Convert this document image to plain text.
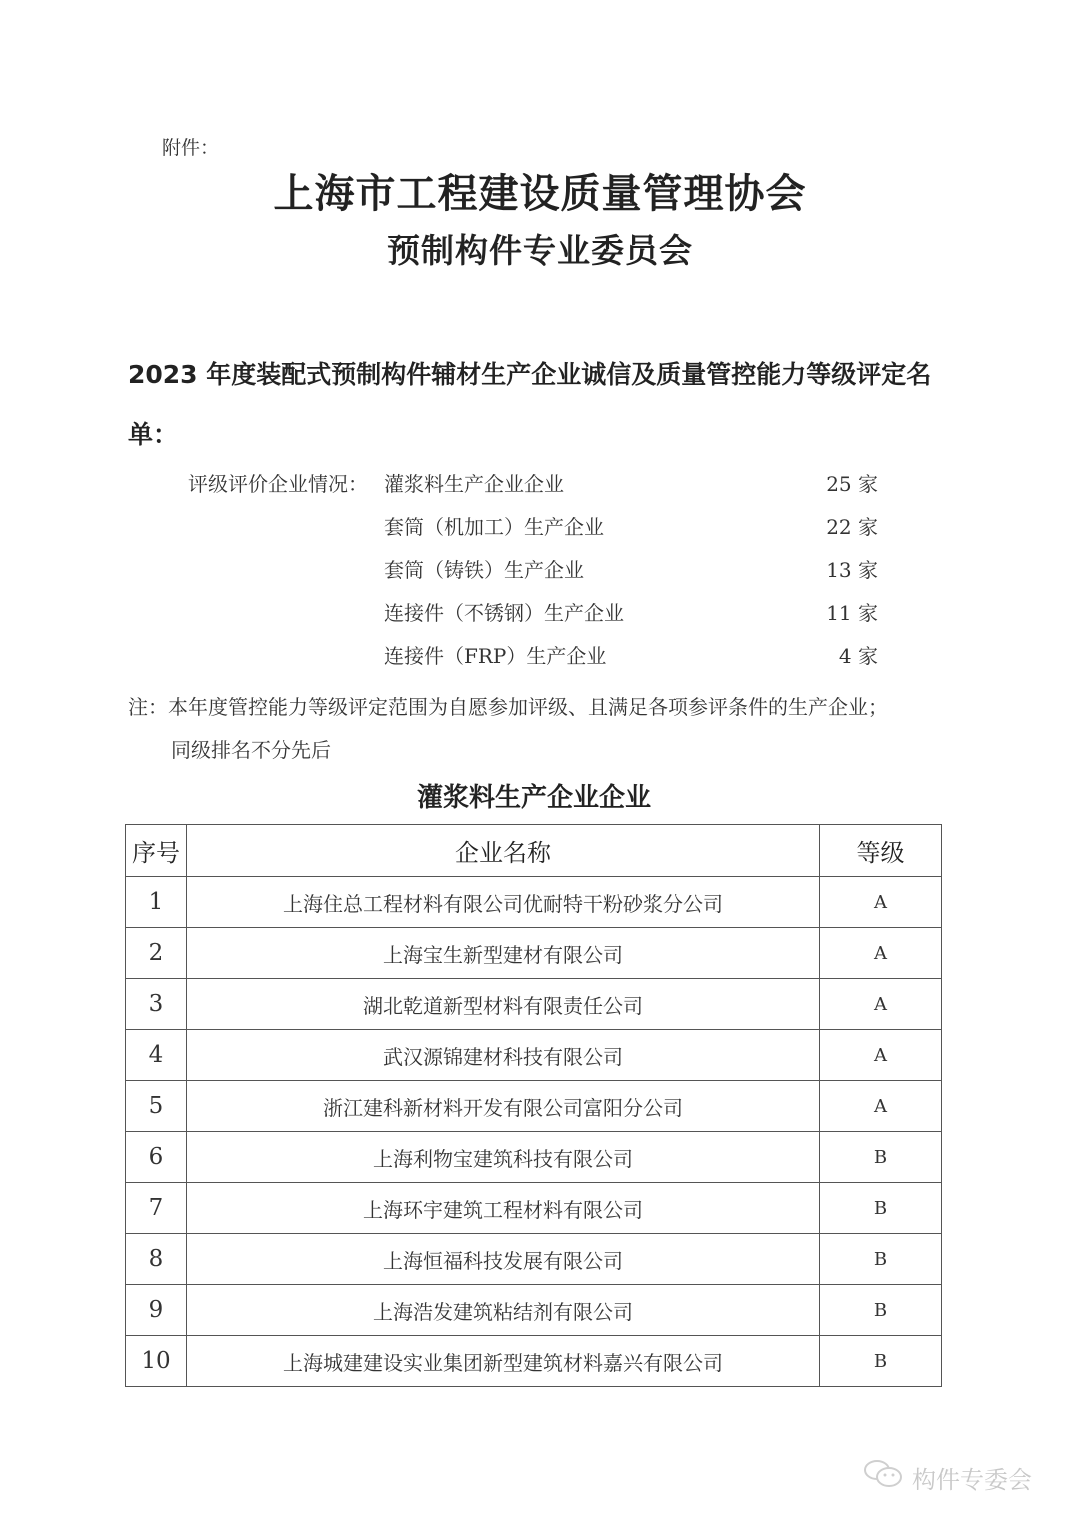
附件：
上海市工程建设质量管理协会
预制构件专业委员会
2023 年度装配式预制构件辅材生产企业诚信及质量管控能力等级评定名单：
评级评价企业情况： 灌浆料生产企业企业	25 家
套筒（机加工）生产企业	22 家
套筒（铸铁）生产企业	13 家
连接件（不锈钢）生产企业	11 家
连接件（FRP）生产企业	4 家
注：本年度管控能力等级评定范围为自愿参加评级、且满足各项参评条件的生产企业；
同级排名不分先后
灌浆料生产企业企业
序号	企业名称	等级
1	上海住总工程材料有限公司优耐特干粉砂浆分公司	A
2	上海宝生新型建材有限公司	A
3	湖北乾道新型材料有限责任公司	A
4	武汉源锦建材科技有限公司	A
5	浙江建科新材料开发有限公司富阳分公司	A
6	上海利物宝建筑科技有限公司	B
7	上海环宇建筑工程材料有限公司	B
8	上海恒福科技发展有限公司	B
9	上海浩发建筑粘结剂有限公司	B
10	上海城建建设实业集团新型建筑材料嘉兴有限公司	B
构件专委会
